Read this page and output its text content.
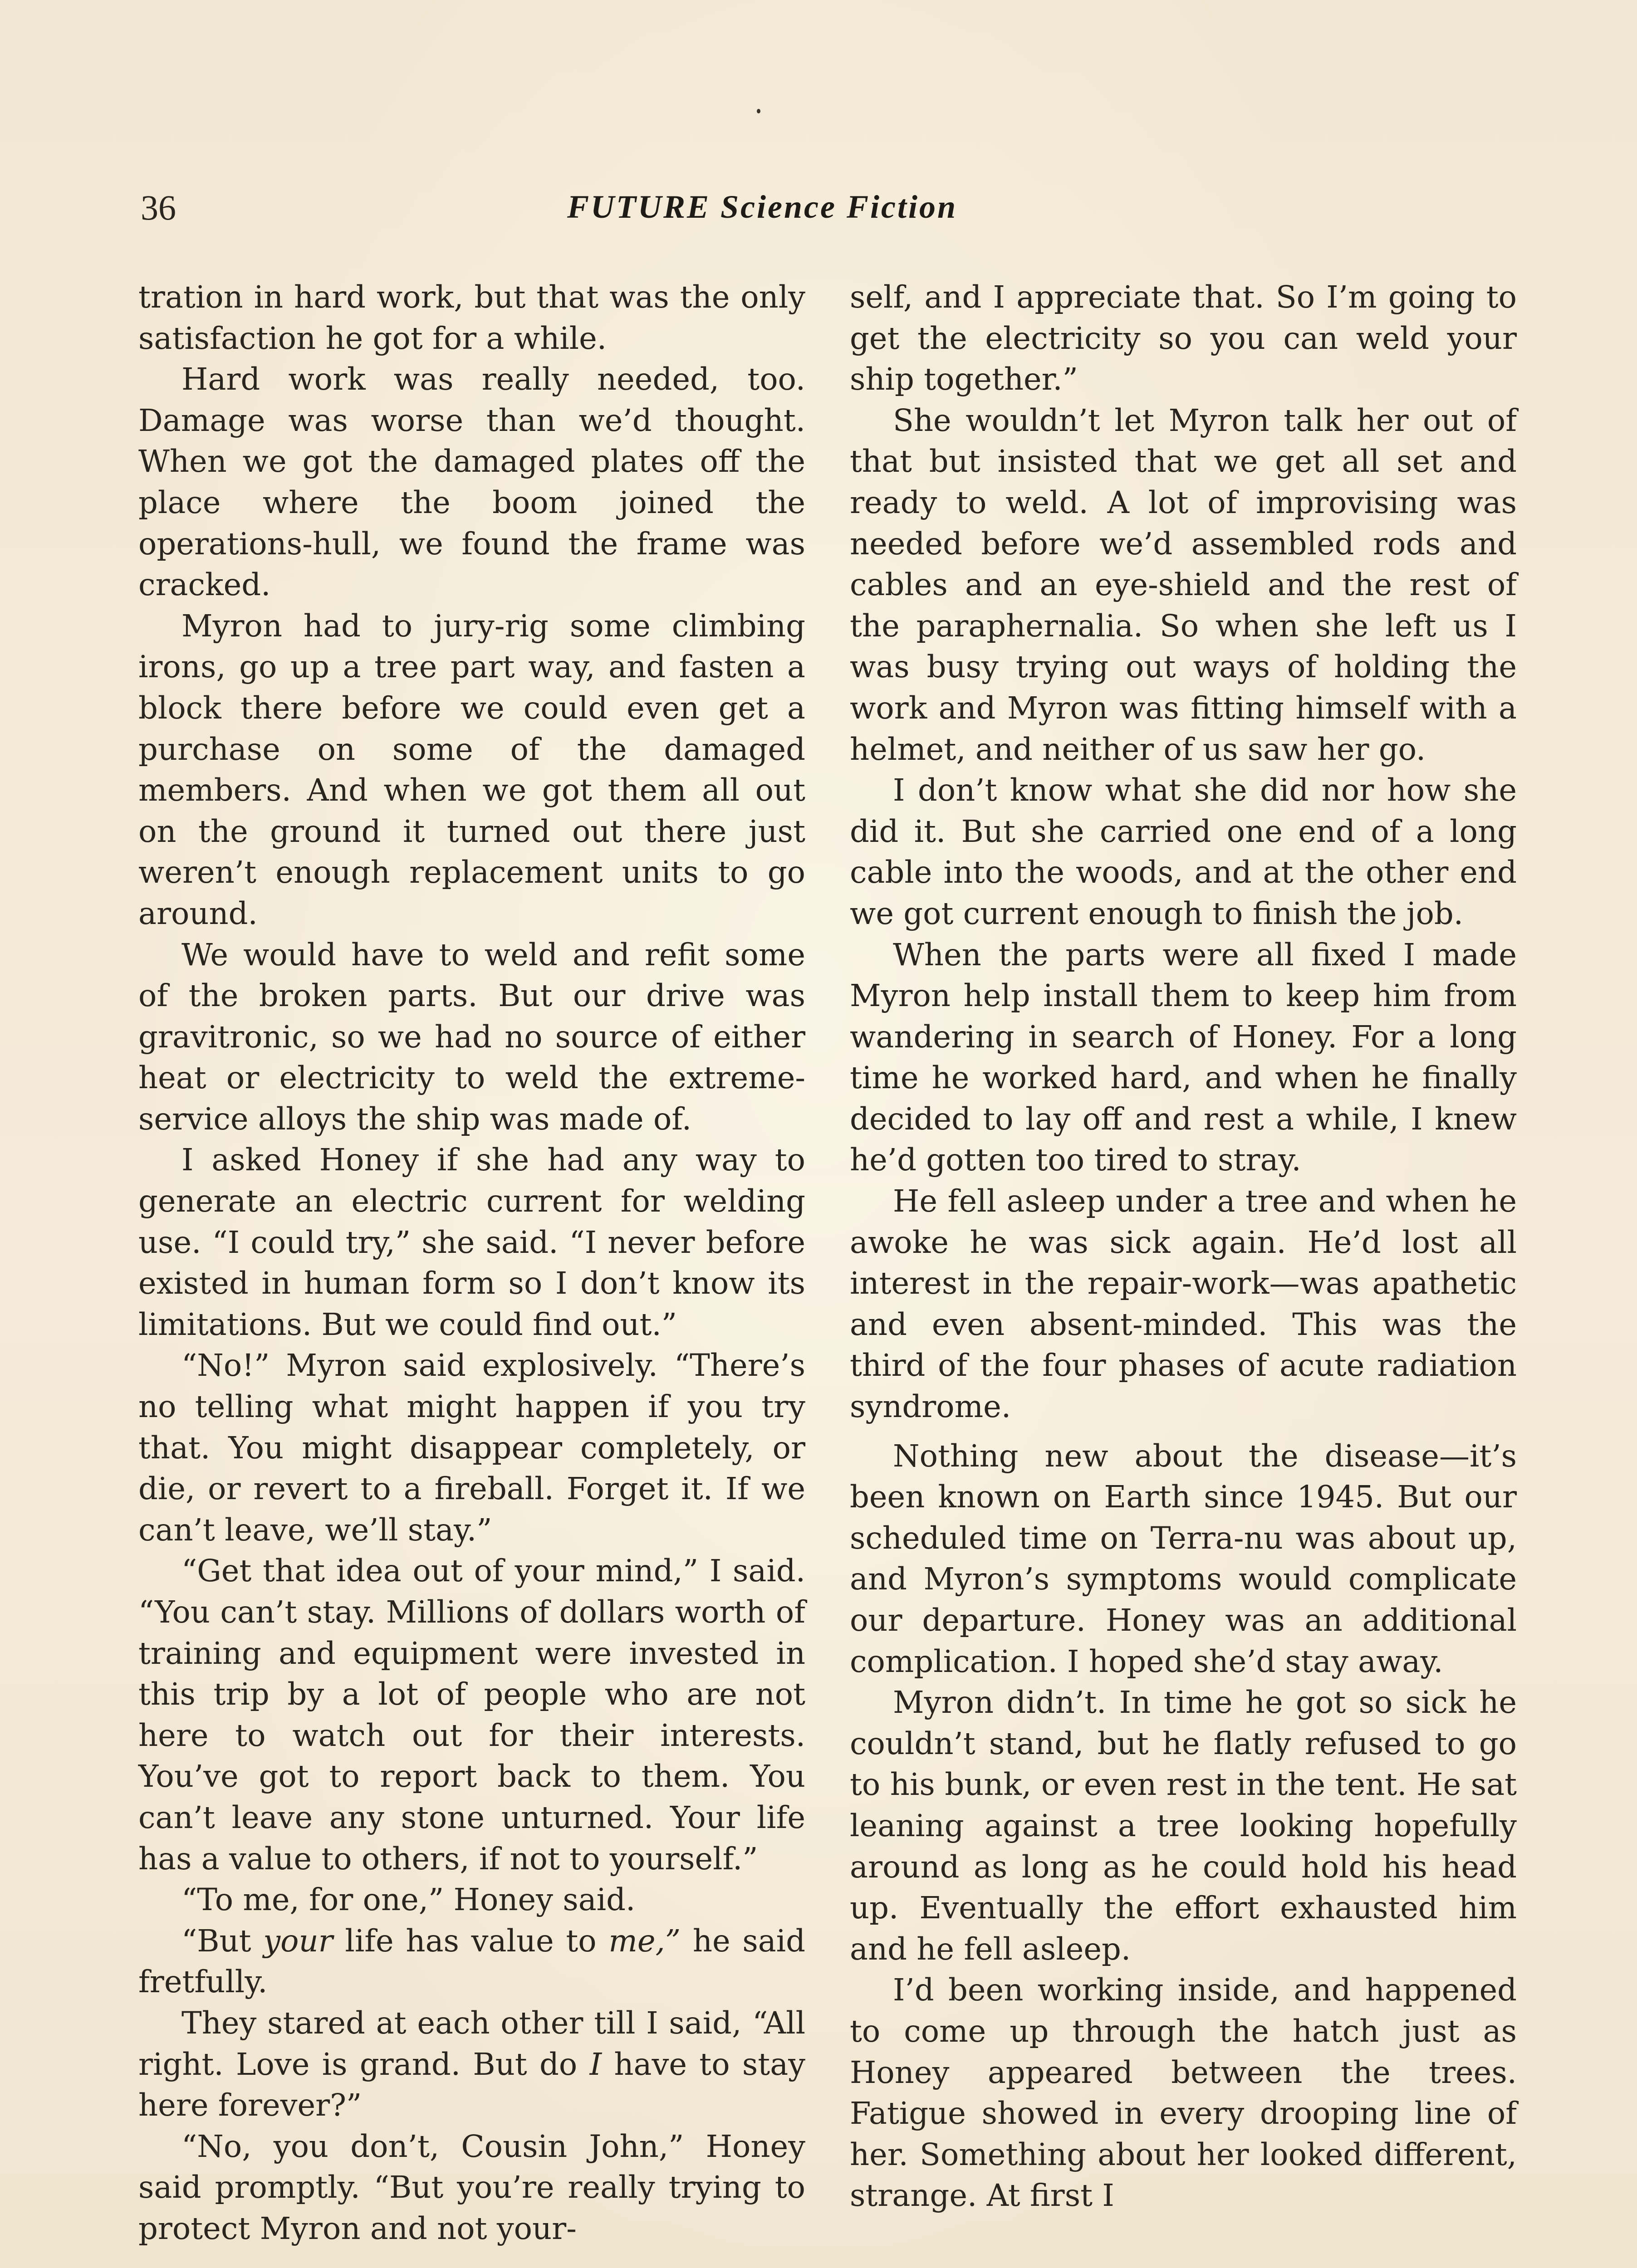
36	FUTURE Science Fiction

tration in hard work, but that was the only satisfaction he got for a while.

Hard work was really needed, too. Damage was worse than we’d thought. When we got the damaged plates off the place where the boom joined the operations-hull, we found the frame was cracked.

Myron had to jury-rig some climbing irons, go up a tree part way, and fasten a block there before we could even get a purchase on some of the damaged members. And when we got them all out on the ground it turned out there just weren’t enough replacement units to go around.

We would have to weld and refit some of the broken parts. But our drive was gravitronic, so we had no source of either heat or electricity to weld the extreme-service alloys the ship was made of.

I asked Honey if she had any way to generate an electric current for welding use. “I could try,” she said. “I never before existed in human form so I don’t know its limitations. But we could find out.”

“No!” Myron said explosively. “There’s no telling what might happen if you try that. You might disappear completely, or die, or revert to a fireball. Forget it. If we can’t leave, we’ll stay.”

“Get that idea out of your mind,” I said. “You can’t stay. Millions of dollars worth of training and equipment were invested in this trip by a lot of people who are not here to watch out for their interests. You’ve got to report back to them. You can’t leave any stone unturned. Your life has a value to others, if not to yourself.”

“To me, for one,” Honey said.

“But your life has value to me,” he said fretfully.

They stared at each other till I said, “All right. Love is grand. But do I have to stay here forever?”

“No, you don’t, Cousin John,” Honey said promptly. “But you’re really trying to protect Myron and not your-

self, and I appreciate that. So I’m going to get the electricity so you can weld your ship together.”

She wouldn’t let Myron talk her out of that but insisted that we get all set and ready to weld. A lot of improvising was needed before we’d assembled rods and cables and an eye-shield and the rest of the paraphernalia. So when she left us I was busy trying out ways of holding the work and Myron was fitting himself with a helmet, and neither of us saw her go.

I don’t know what she did nor how she did it. But she carried one end of a long cable into the woods, and at the other end we got current enough to finish the job.

When the parts were all fixed I made Myron help install them to keep him from wandering in search of Honey. For a long time he worked hard, and when he finally decided to lay off and rest a while, I knew he’d gotten too tired to stray.

He fell asleep under a tree and when he awoke he was sick again. He’d lost all interest in the repair-work—was apathetic and even absent-minded. This was the third of the four phases of acute radiation syndrome.

Nothing new about the disease—it’s been known on Earth since 1945. But our scheduled time on Terra-nu was about up, and Myron’s symptoms would complicate our departure. Honey was an additional complication. I hoped she’d stay away.

Myron didn’t. In time he got so sick he couldn’t stand, but he flatly refused to go to his bunk, or even rest in the tent. He sat leaning against a tree looking hopefully around as long as he could hold his head up. Eventually the effort exhausted him and he fell asleep.

I’d been working inside, and happened to come up through the hatch just as Honey appeared between the trees. Fatigue showed in every drooping line of her. Something about her looked different, strange. At first I
